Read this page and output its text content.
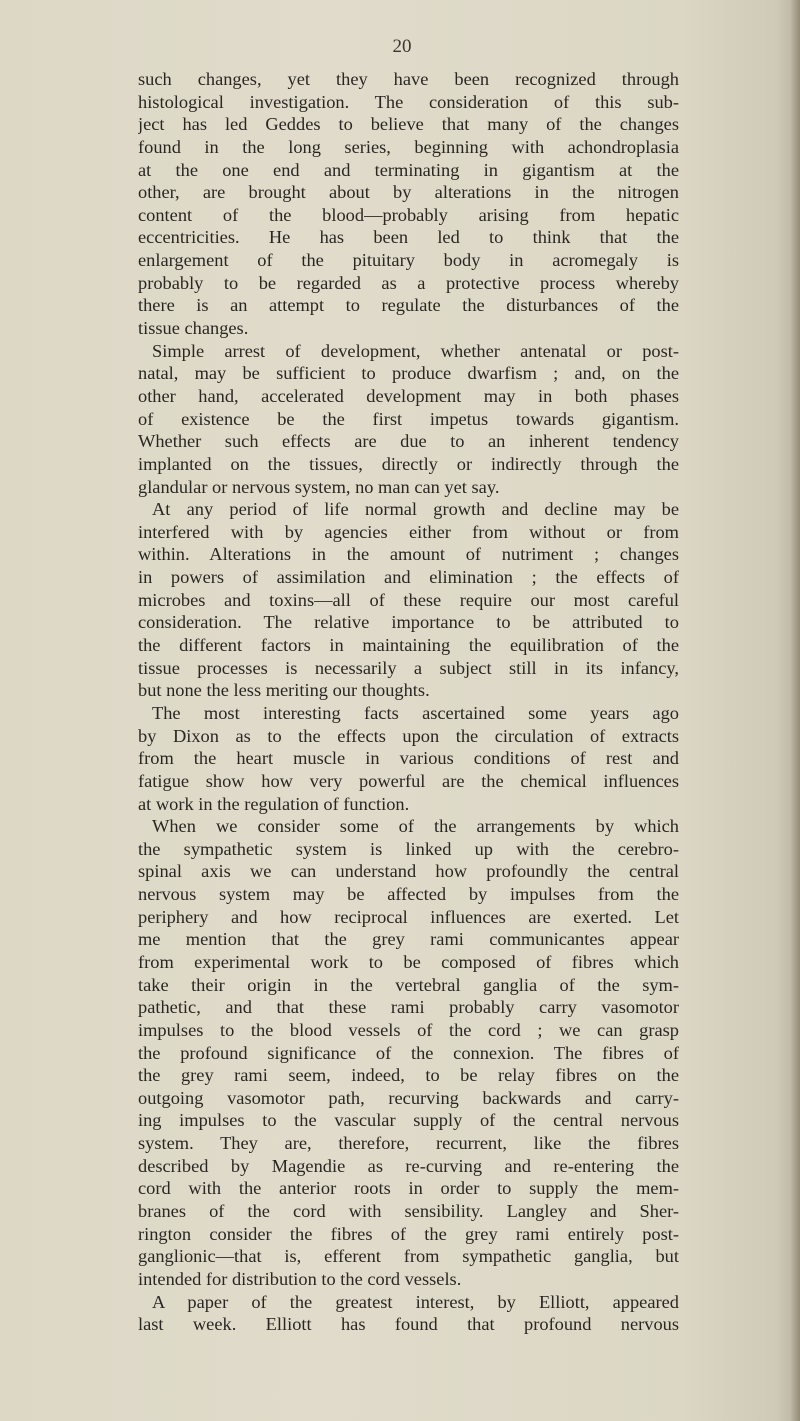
20
such changes, yet they have been recognized through
histological investigation. The consideration of this sub-
ject has led Geddes to believe that many of the changes
found in the long series, beginning with achondroplasia
at the one end and terminating in gigantism at the
other, are brought about by alterations in the nitrogen
content of the blood—probably arising from hepatic
eccentricities. He has been led to think that the
enlargement of the pituitary body in acromegaly is
probably to be regarded as a protective process whereby
there is an attempt to regulate the disturbances of the
tissue changes.
Simple arrest of development, whether antenatal or post-
natal, may be sufficient to produce dwarfism ; and, on the
other hand, accelerated development may in both phases
of existence be the first impetus towards gigantism.
Whether such effects are due to an inherent tendency
implanted on the tissues, directly or indirectly through the
glandular or nervous system, no man can yet say.
At any period of life normal growth and decline may be
interfered with by agencies either from without or from
within. Alterations in the amount of nutriment ; changes
in powers of assimilation and elimination ; the effects of
microbes and toxins—all of these require our most careful
consideration. The relative importance to be attributed to
the different factors in maintaining the equilibration of the
tissue processes is necessarily a subject still in its infancy,
but none the less meriting our thoughts.
The most interesting facts ascertained some years ago
by Dixon as to the effects upon the circulation of extracts
from the heart muscle in various conditions of rest and
fatigue show how very powerful are the chemical influences
at work in the regulation of function.
When we consider some of the arrangements by which
the sympathetic system is linked up with the cerebro-
spinal axis we can understand how profoundly the central
nervous system may be affected by impulses from the
periphery and how reciprocal influences are exerted. Let
me mention that the grey rami communicantes appear
from experimental work to be composed of fibres which
take their origin in the vertebral ganglia of the sym-
pathetic, and that these rami probably carry vasomotor
impulses to the blood vessels of the cord ; we can grasp
the profound significance of the connexion. The fibres of
the grey rami seem, indeed, to be relay fibres on the
outgoing vasomotor path, recurving backwards and carry-
ing impulses to the vascular supply of the central nervous
system. They are, therefore, recurrent, like the fibres
described by Magendie as re-curving and re-entering the
cord with the anterior roots in order to supply the mem-
branes of the cord with sensibility. Langley and Sher-
rington consider the fibres of the grey rami entirely post-
ganglionic—that is, efferent from sympathetic ganglia, but
intended for distribution to the cord vessels.
A paper of the greatest interest, by Elliott, appeared
last week. Elliott has found that profound nervous
